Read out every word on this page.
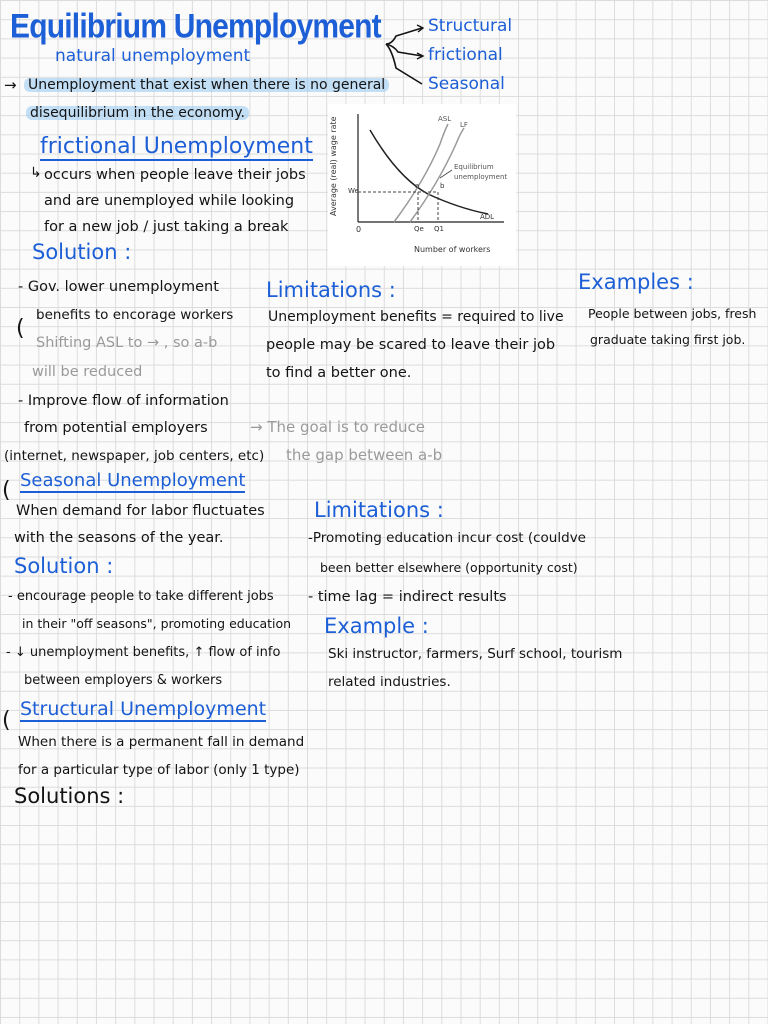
Equilibrium Unemployment
natural unemployment
Structural
frictional
Seasonal
→ Unemployment that exist when there is no general
disequilibrium in the economy.
frictional Unemployment
↳ occurs when people leave their jobs
and are unemployed while looking
for a new job / just taking a break
Average (real) wage rate
Number of workers
0
We
Qe Q1
ASL
LF
ADL
Equilibrium
unemployment
a	b
Solution :
- Gov. lower unemployment
benefits to encorage workers
(
Shifting ASL to → , so a-b
will be reduced
- Improve flow of information
from potential employers
(internet, newspaper, job centers, etc)
→ The goal is to reduce
the gap between a-b
Limitations :
Unemployment benefits = required to live
people may be scared to leave their job
to find a better one.
Examples :
People between jobs, fresh
graduate taking first job.
( Seasonal Unemployment
When demand for labor fluctuates
with the seasons of the year.
Solution :
- encourage people to take different jobs
in their "off seasons", promoting education
- ↓ unemployment benefits, ↑ flow of info
between employers & workers
Limitations :
-Promoting education incur cost (couldve
been better elsewhere (opportunity cost)
- time lag = indirect results
Example :
Ski instructor, farmers, Surf school, tourism
related industries.
( Structural Unemployment
When there is a permanent fall in demand
for a particular type of labor (only 1 type)
Solutions :
